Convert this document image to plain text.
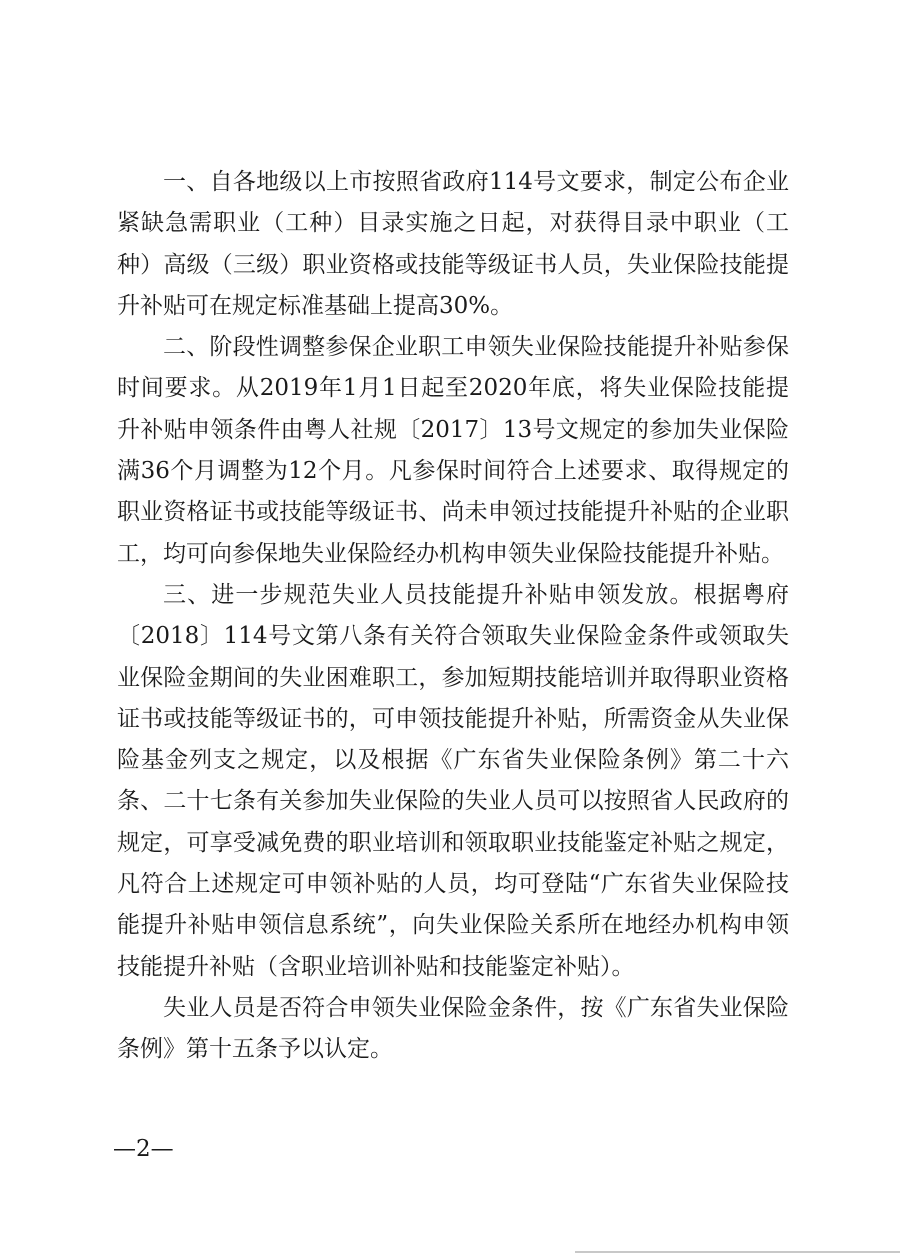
一、自各地级以上市按照省政府114号文要求，制定公布企业紧缺急需职业（工种）目录实施之日起，对获得目录中职业（工种）高级（三级）职业资格或技能等级证书人员，失业保险技能提升补贴可在规定标准基础上提高30%。

二、阶段性调整参保企业职工申领失业保险技能提升补贴参保时间要求。从2019年1月1日起至2020年底，将失业保险技能提升补贴申领条件由粤人社规〔2017〕13号文规定的参加失业保险满36个月调整为12个月。凡参保时间符合上述要求、取得规定的职业资格证书或技能等级证书、尚未申领过技能提升补贴的企业职工，均可向参保地失业保险经办机构申领失业保险技能提升补贴。

三、进一步规范失业人员技能提升补贴申领发放。根据粤府〔2018〕114号文第八条有关符合领取失业保险金条件或领取失业保险金期间的失业困难职工，参加短期技能培训并取得职业资格证书或技能等级证书的，可申领技能提升补贴，所需资金从失业保险基金列支之规定，以及根据《广东省失业保险条例》第二十六条、二十七条有关参加失业保险的失业人员可以按照省人民政府的规定，可享受减免费的职业培训和领取职业技能鉴定补贴之规定，凡符合上述规定可申领补贴的人员，均可登陆“广东省失业保险技能提升补贴申领信息系统”，向失业保险关系所在地经办机构申领技能提升补贴（含职业培训补贴和技能鉴定补贴）。

失业人员是否符合申领失业保险金条件，按《广东省失业保险条例》第十五条予以认定。

—2—
